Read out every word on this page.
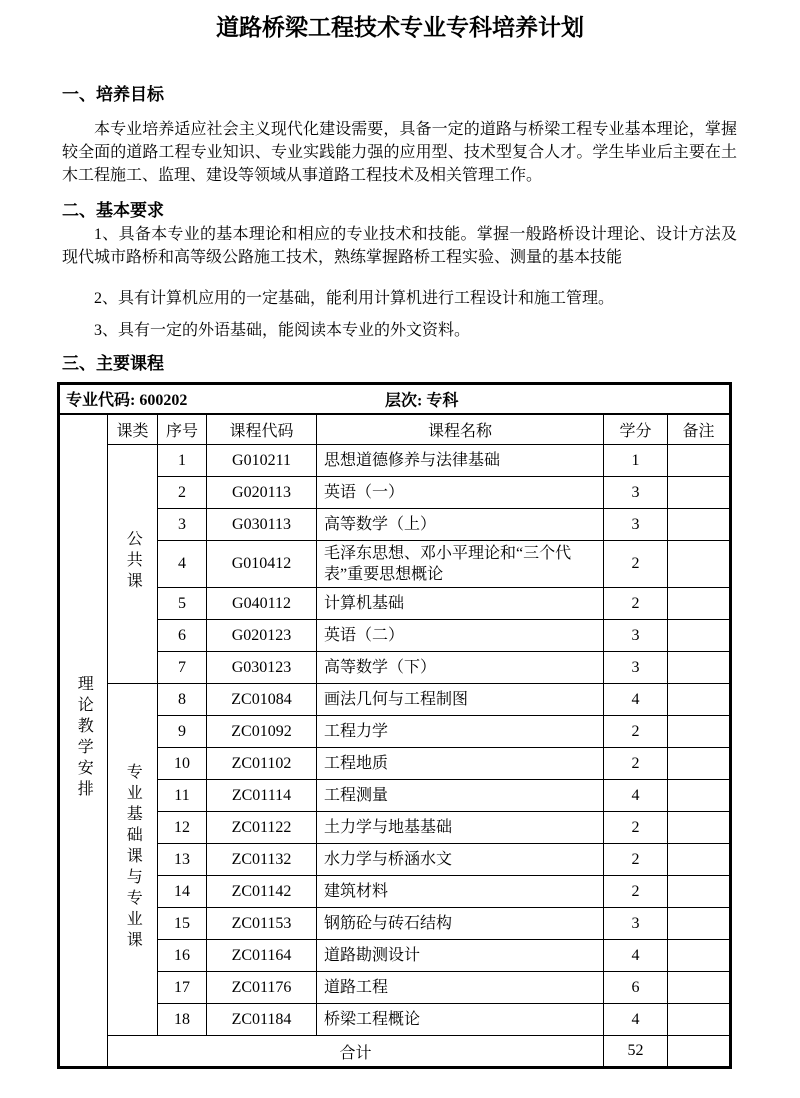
道路桥梁工程技术专业专科培养计划
一、培养目标

本专业培养适应社会主义现代化建设需要，具备一定的道路与桥梁工程专业基本理论，掌握较全面的道路工程专业知识、专业实践能力强的应用型、技术型复合人才。学生毕业后主要在土木工程施工、监理、建设等领域从事道路工程技术及相关管理工作。

二、基本要求

1、具备本专业的基本理论和相应的专业技术和技能。掌握一般路桥设计理论、设计方法及现代城市路桥和高等级公路施工技术，熟练掌握路桥工程实验、测量的基本技能

2、具有计算机应用的一定基础，能利用计算机进行工程设计和施工管理。

3、具有一定的外语基础，能阅读本专业的外文资料。

三、主要课程
专业代码: 600202 层次: 专科						

理论教学安排	课类	序号	课程代码	课程名称	学分	备注
	公共课	1	G010211	思想道德修养与法律基础	1	
		2	G020113	英语（一）	3	
		3	G030113	高等数学（上）	3	
		4	G010412	毛泽东思想、邓小平理论和“三个代表”重要思想概论	2	
		5	G040112	计算机基础	2	
		6	G020123	英语（二）	3	
		7	G030123	高等数学（下）	3	
	专业基础课与专业课	8	ZC01084	画法几何与工程制图	4	
		9	ZC01092	工程力学	2	
		10	ZC01102	工程地质	2	
		11	ZC01114	工程测量	4	
		12	ZC01122	土力学与地基基础	2	
		13	ZC01132	水力学与桥涵水文	2	
		14	ZC01142	建筑材料	2	
		15	ZC01153	钢筋砼与砖石结构	3	
		16	ZC01164	道路勘测设计	4	
		17	ZC01176	道路工程	6	
		18	ZC01184	桥梁工程概论	4	
	合计				52	
